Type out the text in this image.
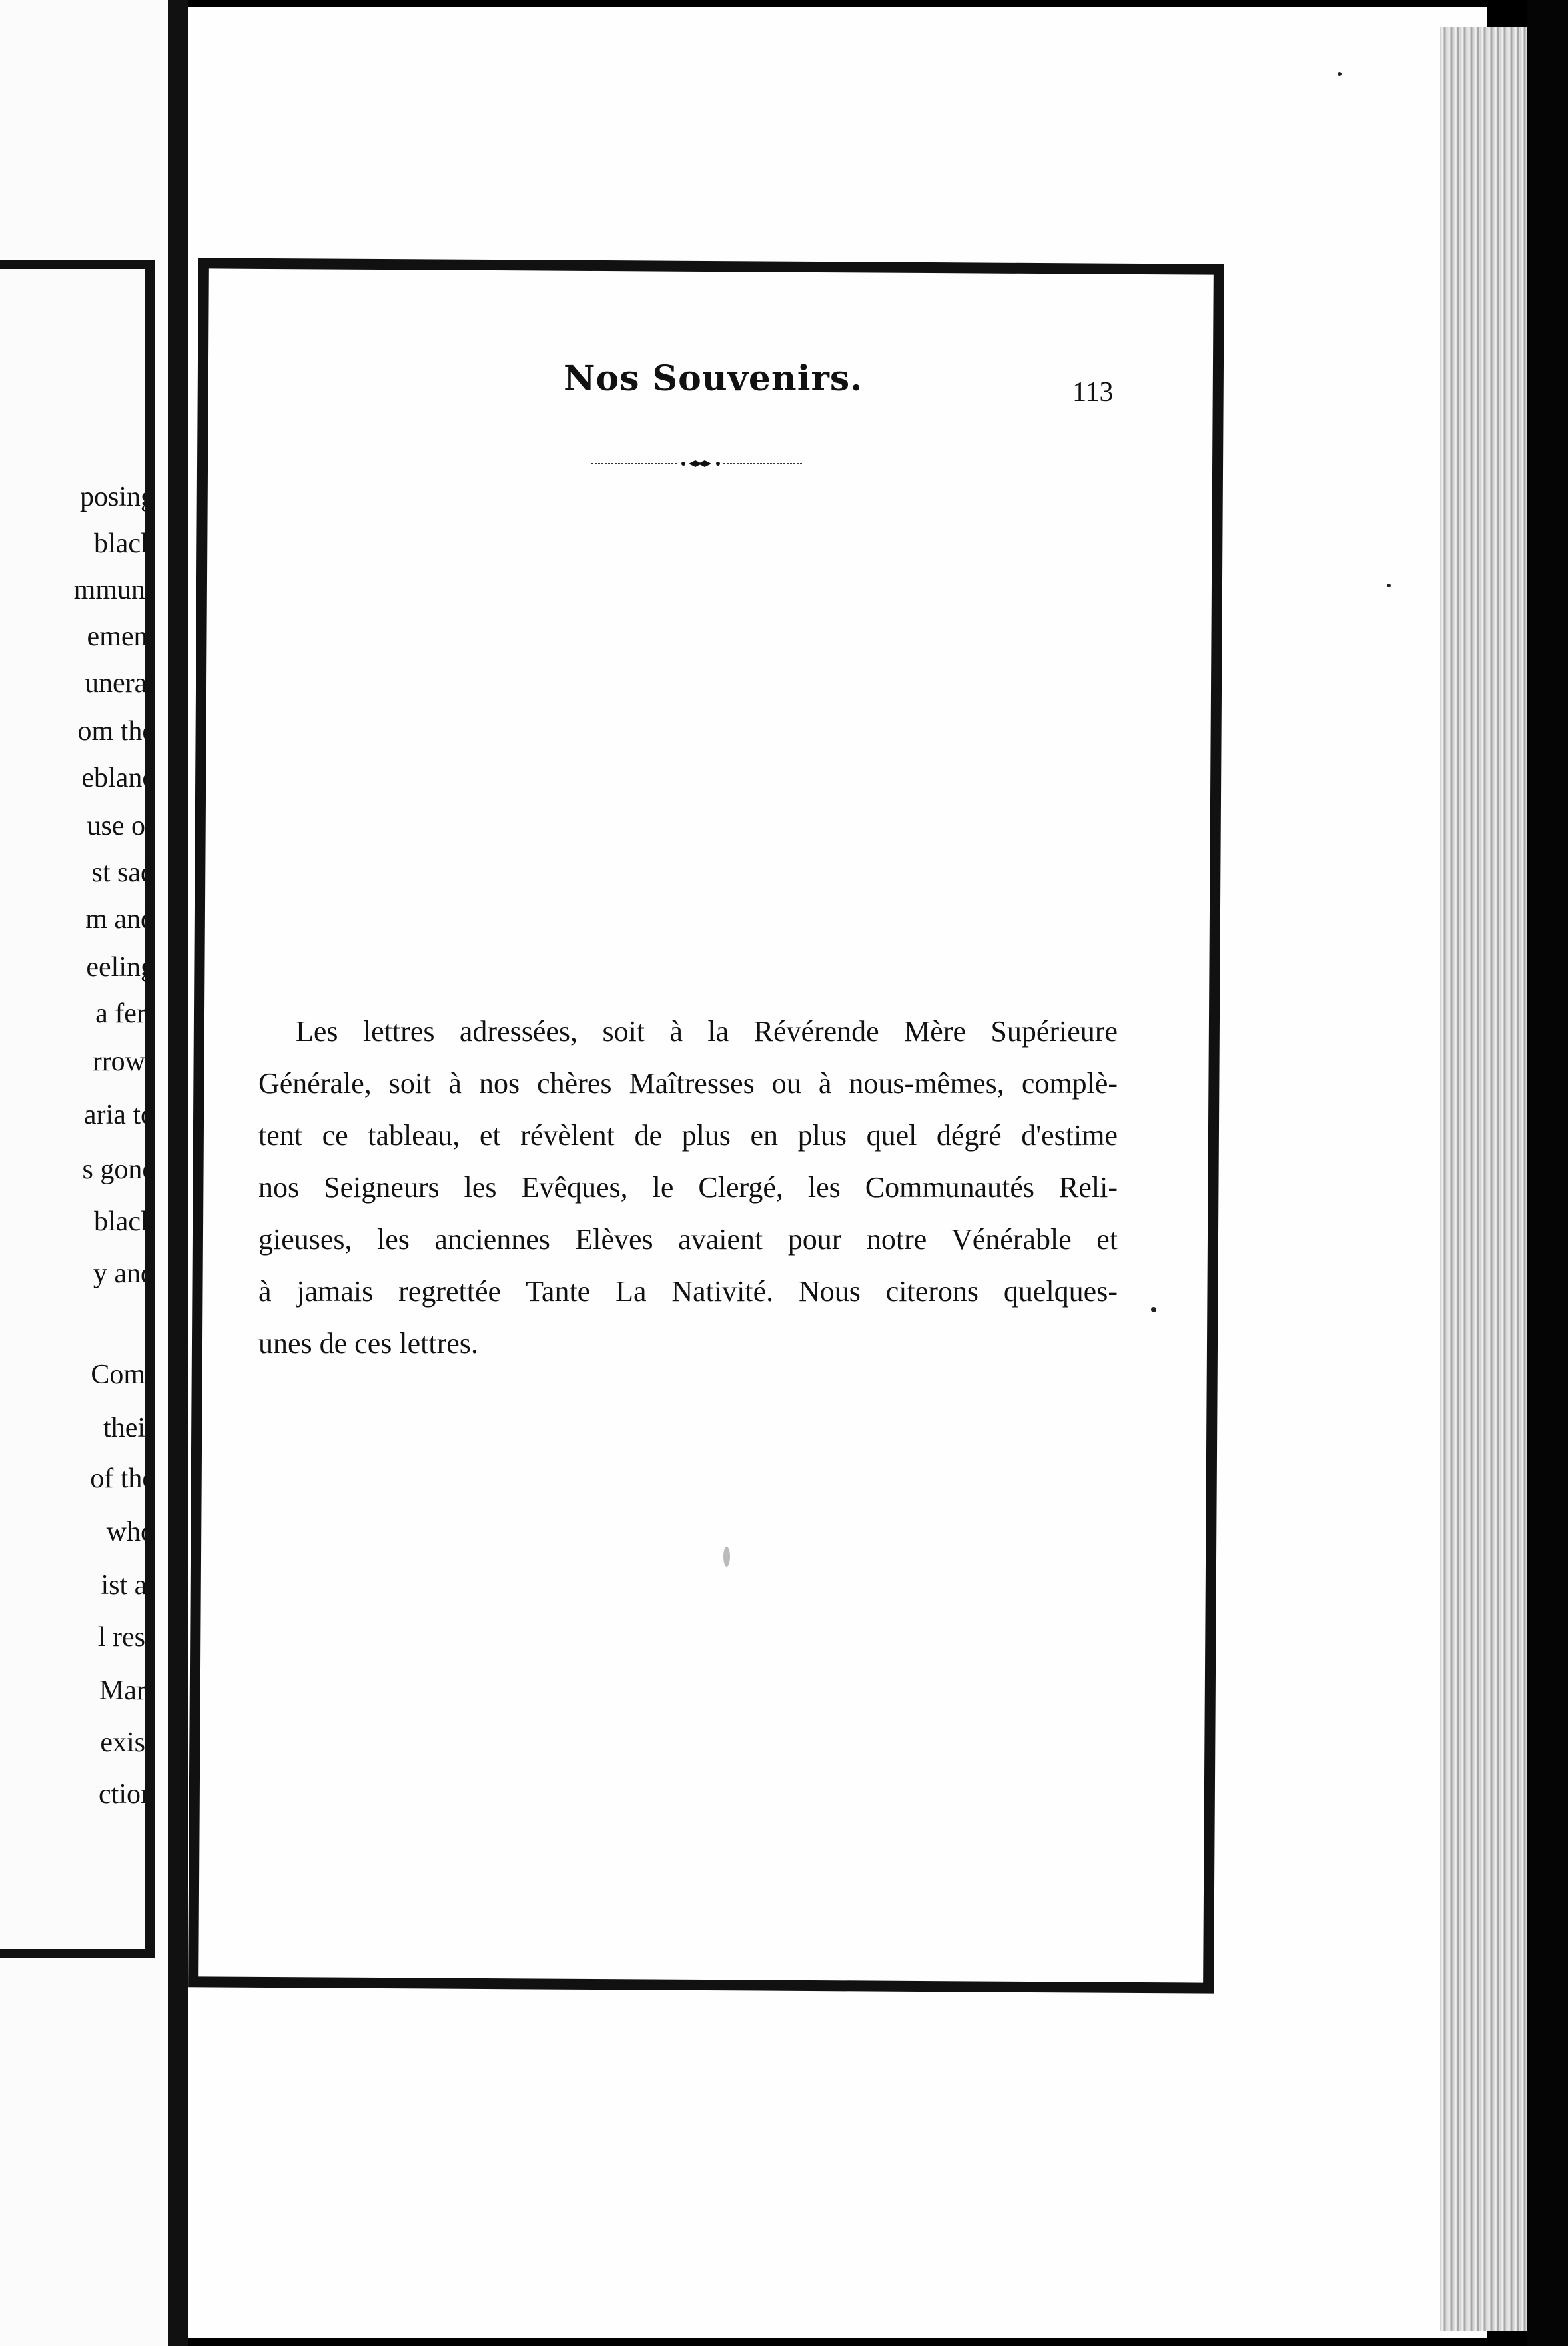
posing
black
mmun-
emen,
uneral
om the
eblanc
use of
st sad
m and
eeling
a fer-
rrow-
aria to
s gone
black
y and
Com-
their
of the
who
ist at
l res-
Mar-
exis-
ction
Nos Souvenirs.	113
Les lettres adressées, soit à la Révérende Mère Supérieure
Générale, soit à nos chères Maîtresses ou à nous-mêmes, complè-
tent ce tableau, et révèlent de plus en plus quel dégré d'estime
nos Seigneurs les Evêques, le Clergé, les Communautés Reli-
gieuses, les anciennes Elèves avaient pour notre Vénérable et
à jamais regrettée Tante La Nativité. Nous citerons quelques-
unes de ces lettres.
